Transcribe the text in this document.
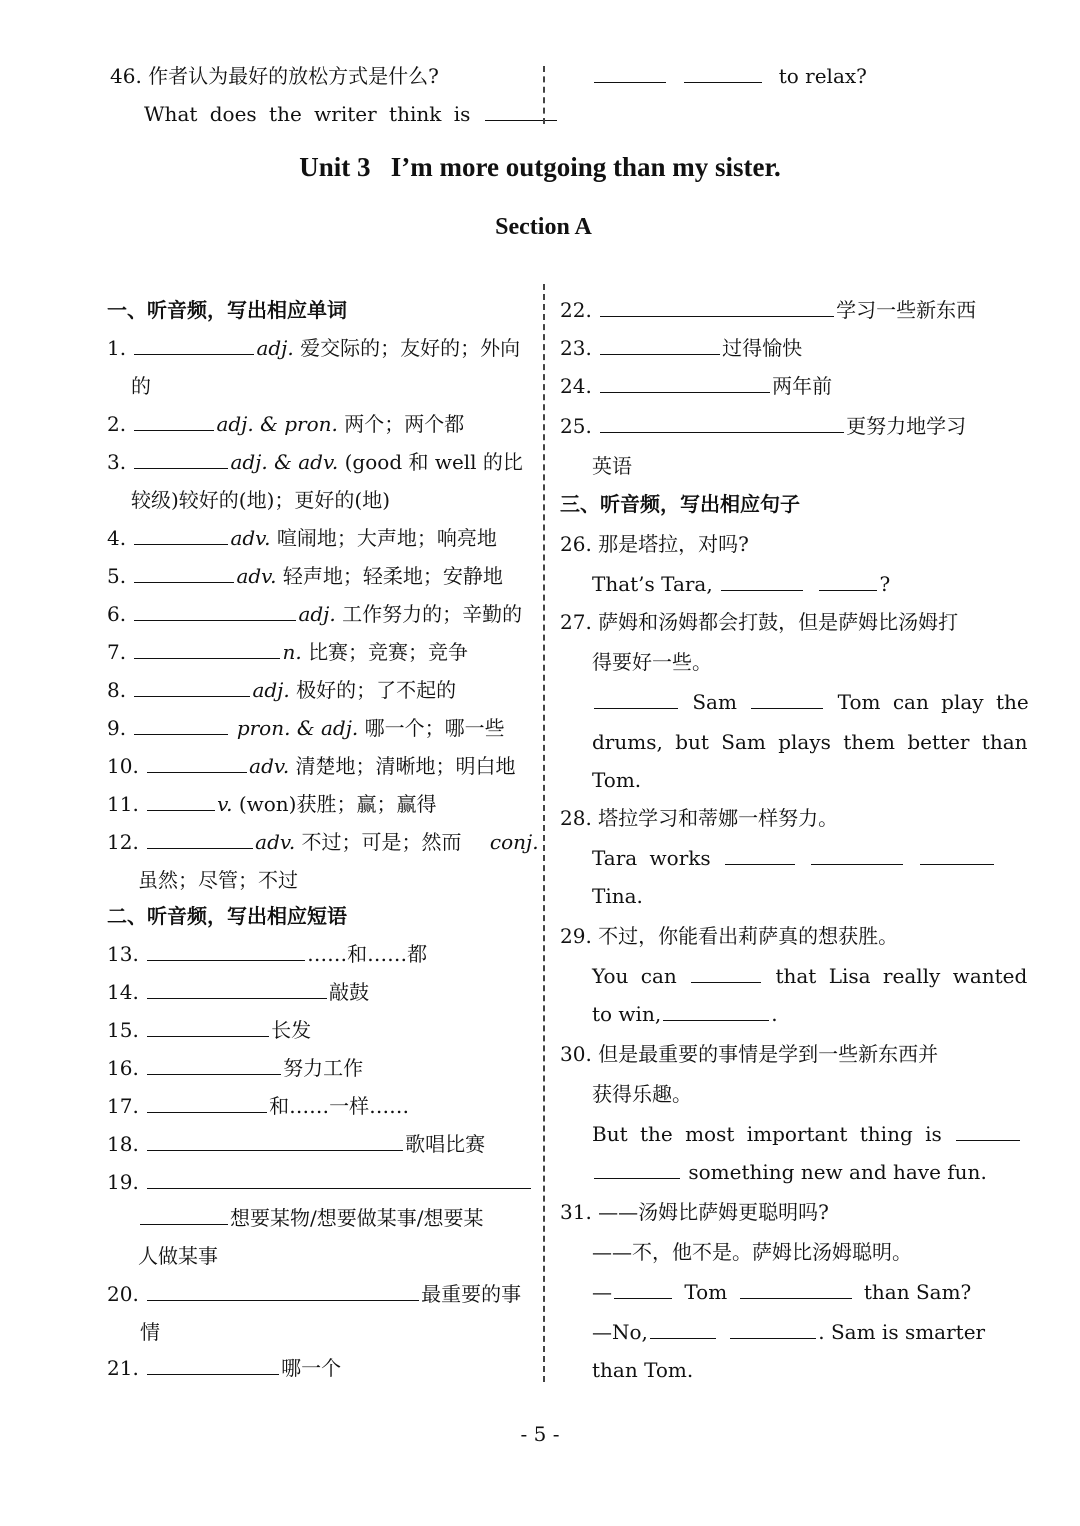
46. 作者认为最好的放松方式是什么?
What does the writer think is
to relax?
Unit 3   I’m more outgoing than my sister.
Section A
一、听音频，写出相应单词
1.	adj. 爱交际的；友好的；外向
的
2.	adj. & pron. 两个；两个都
3.	adj. & adv. (good 和 well 的比
较级)较好的(地)；更好的(地)
4.	adv. 喧闹地；大声地；响亮地
5.	adv. 轻声地；轻柔地；安静地
6.	adj. 工作努力的；辛勤的
7.	n. 比赛；竞赛；竞争
8.	adj. 极好的；了不起的
9.	pron. & adj. 哪一个；哪一些
10.	adv. 清楚地；清晰地；明白地
11.	v. (won)获胜；赢；赢得
12.	adv. 不过；可是；然而 conj.
虽然；尽管；不过
二、听音频，写出相应短语
13.	……和……都
14.	敲鼓
15.	长发
16.	努力工作
17.	和……一样……
18.	歌唱比赛
19.
想要某物/想要做某事/想要某
人做某事
20.	最重要的事
情
21.	哪一个
22.	学习一些新东西
23.	过得愉快
24.	两年前
25.	更努力地学习
英语
三、听音频，写出相应句子
26. 那是塔拉，对吗?
That’s Tara,	?
27. 萨姆和汤姆都会打鼓，但是萨姆比汤姆打
得要好一些。
Sam	Tom can play the
drums, but Sam plays them better than
Tom.
28. 塔拉学习和蒂娜一样努力。
Tara works
Tina.
29. 不过，你能看出莉萨真的想获胜。
You can	that Lisa really wanted
to win,	.
30. 但是最重要的事情是学到一些新东西并
获得乐趣。
But the most important thing is
something new and have fun.
31. ——汤姆比萨姆更聪明吗?
——不，他不是。萨姆比汤姆聪明。
—	Tom	than Sam?
—No,	. Sam is smarter
than Tom.
- 5 -
